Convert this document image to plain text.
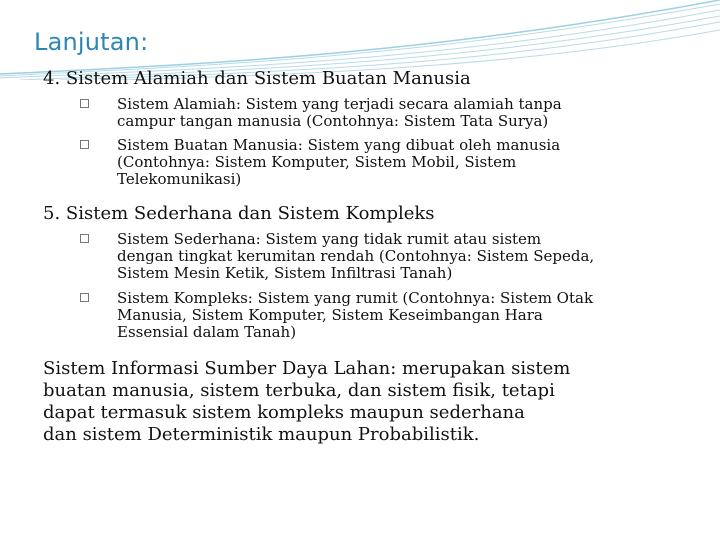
Lanjutan:
4. Sistem Alamiah dan Sistem Buatan Manusia
Sistem Alamiah: Sistem yang terjadi secara alamiah tanpa
campur tangan manusia (Contohnya: Sistem Tata Surya)
Sistem Buatan Manusia: Sistem yang dibuat oleh manusia
(Contohnya: Sistem Komputer, Sistem Mobil, Sistem
Telekomunikasi)
5. Sistem Sederhana dan Sistem Kompleks
Sistem Sederhana: Sistem yang tidak rumit atau sistem
dengan tingkat kerumitan rendah (Contohnya: Sistem Sepeda,
Sistem Mesin Ketik, Sistem Infiltrasi Tanah)
Sistem Kompleks: Sistem yang rumit (Contohnya: Sistem Otak
Manusia, Sistem Komputer, Sistem Keseimbangan Hara
Essensial dalam Tanah)
Sistem Informasi Sumber Daya Lahan: merupakan sistem
buatan manusia, sistem terbuka, dan sistem fisik, tetapi
dapat termasuk sistem kompleks maupun sederhana
dan sistem Deterministik maupun Probabilistik.
